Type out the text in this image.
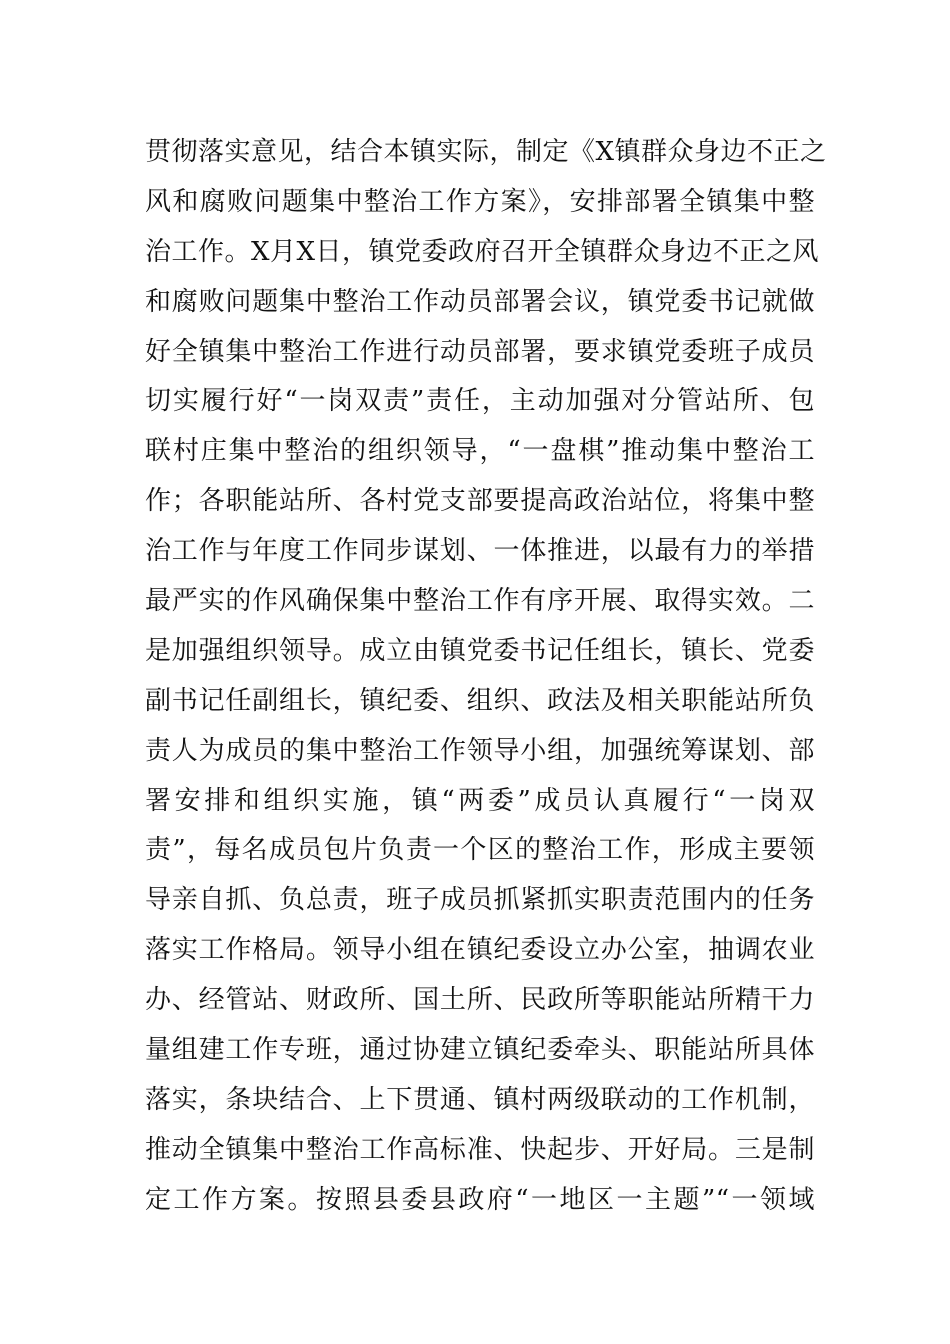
贯彻落实意见，结合本镇实际，制定《X镇群众身边不正之
风和腐败问题集中整治工作方案》，安排部署全镇集中整
治工作。X月X日，镇党委政府召开全镇群众身边不正之风
和腐败问题集中整治工作动员部署会议，镇党委书记就做
好全镇集中整治工作进行动员部署，要求镇党委班子成员
切实履行好“一岗双责”责任，主动加强对分管站所、包
联村庄集中整治的组织领导，“一盘棋”推动集中整治工
作；各职能站所、各村党支部要提高政治站位，将集中整
治工作与年度工作同步谋划、一体推进，以最有力的举措
最严实的作风确保集中整治工作有序开展、取得实效。二
是加强组织领导。成立由镇党委书记任组长，镇长、党委
副书记任副组长，镇纪委、组织、政法及相关职能站所负
责人为成员的集中整治工作领导小组，加强统筹谋划、部
署安排和组织实施，镇“两委”成员认真履行“一岗双
责”，每名成员包片负责一个区的整治工作，形成主要领
导亲自抓、负总责，班子成员抓紧抓实职责范围内的任务
落实工作格局。领导小组在镇纪委设立办公室，抽调农业
办、经管站、财政所、国土所、民政所等职能站所精干力
量组建工作专班，通过协建立镇纪委牵头、职能站所具体
落实，条块结合、上下贯通、镇村两级联动的工作机制，
推动全镇集中整治工作高标准、快起步、开好局。三是制
定工作方案。按照县委县政府“一地区一主题”“一领域
